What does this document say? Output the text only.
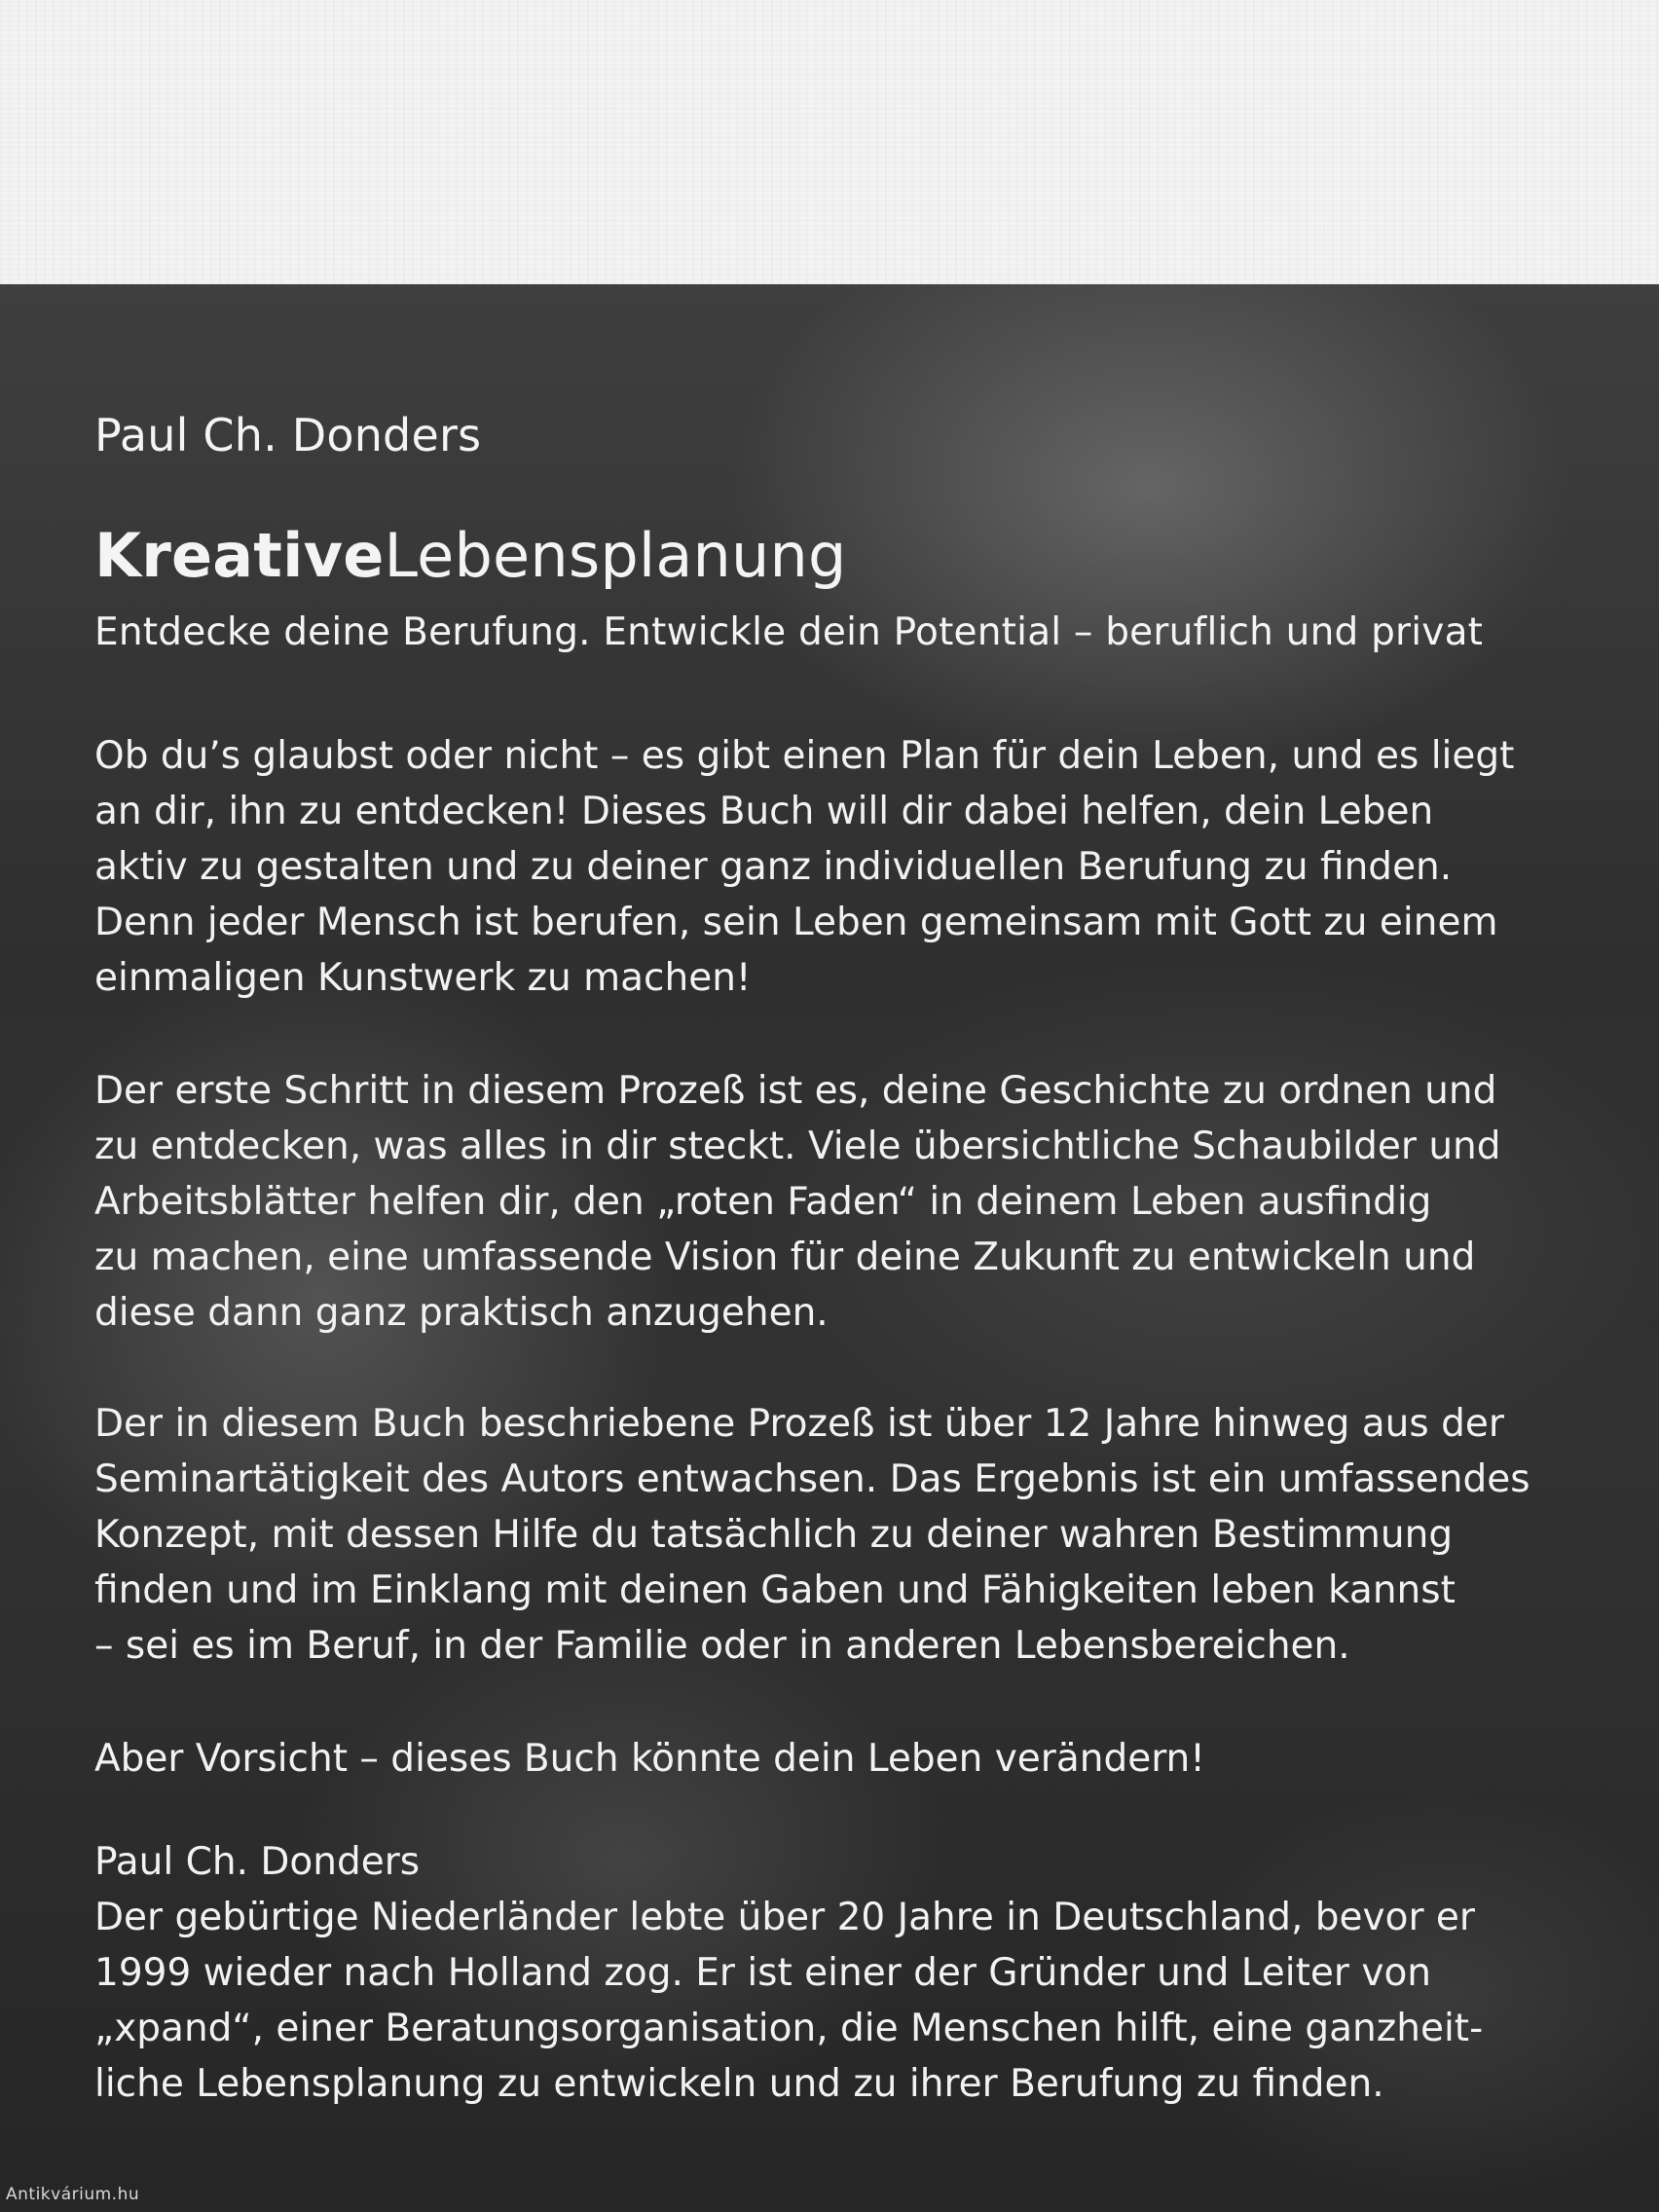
Paul Ch. Donders
KreativeLebensplanung
Entdecke deine Berufung. Entwickle dein Potential – beruflich und privat

Ob du’s glaubst oder nicht – es gibt einen Plan für dein Leben, und es liegt
an dir, ihn zu entdecken! Dieses Buch will dir dabei helfen, dein Leben
aktiv zu gestalten und zu deiner ganz individuellen Berufung zu finden.
Denn jeder Mensch ist berufen, sein Leben gemeinsam mit Gott zu einem
einmaligen Kunstwerk zu machen!

Der erste Schritt in diesem Prozeß ist es, deine Geschichte zu ordnen und
zu entdecken, was alles in dir steckt. Viele übersichtliche Schaubilder und
Arbeitsblätter helfen dir, den „roten Faden“ in deinem Leben ausfindig
zu machen, eine umfassende Vision für deine Zukunft zu entwickeln und
diese dann ganz praktisch anzugehen.

Der in diesem Buch beschriebene Prozeß ist über 12 Jahre hinweg aus der
Seminartätigkeit des Autors entwachsen. Das Ergebnis ist ein umfassendes
Konzept, mit dessen Hilfe du tatsächlich zu deiner wahren Bestimmung
finden und im Einklang mit deinen Gaben und Fähigkeiten leben kannst
– sei es im Beruf, in der Familie oder in anderen Lebensbereichen.

Aber Vorsicht – dieses Buch könnte dein Leben verändern!

Paul Ch. Donders

Der gebürtige Niederländer lebte über 20 Jahre in Deutschland, bevor er
1999 wieder nach Holland zog. Er ist einer der Gründer und Leiter von
„xpand“, einer Beratungsorganisation, die Menschen hilft, eine ganzheit-
liche Lebensplanung zu entwickeln und zu ihrer Berufung zu finden.

Antikvárium.hu
